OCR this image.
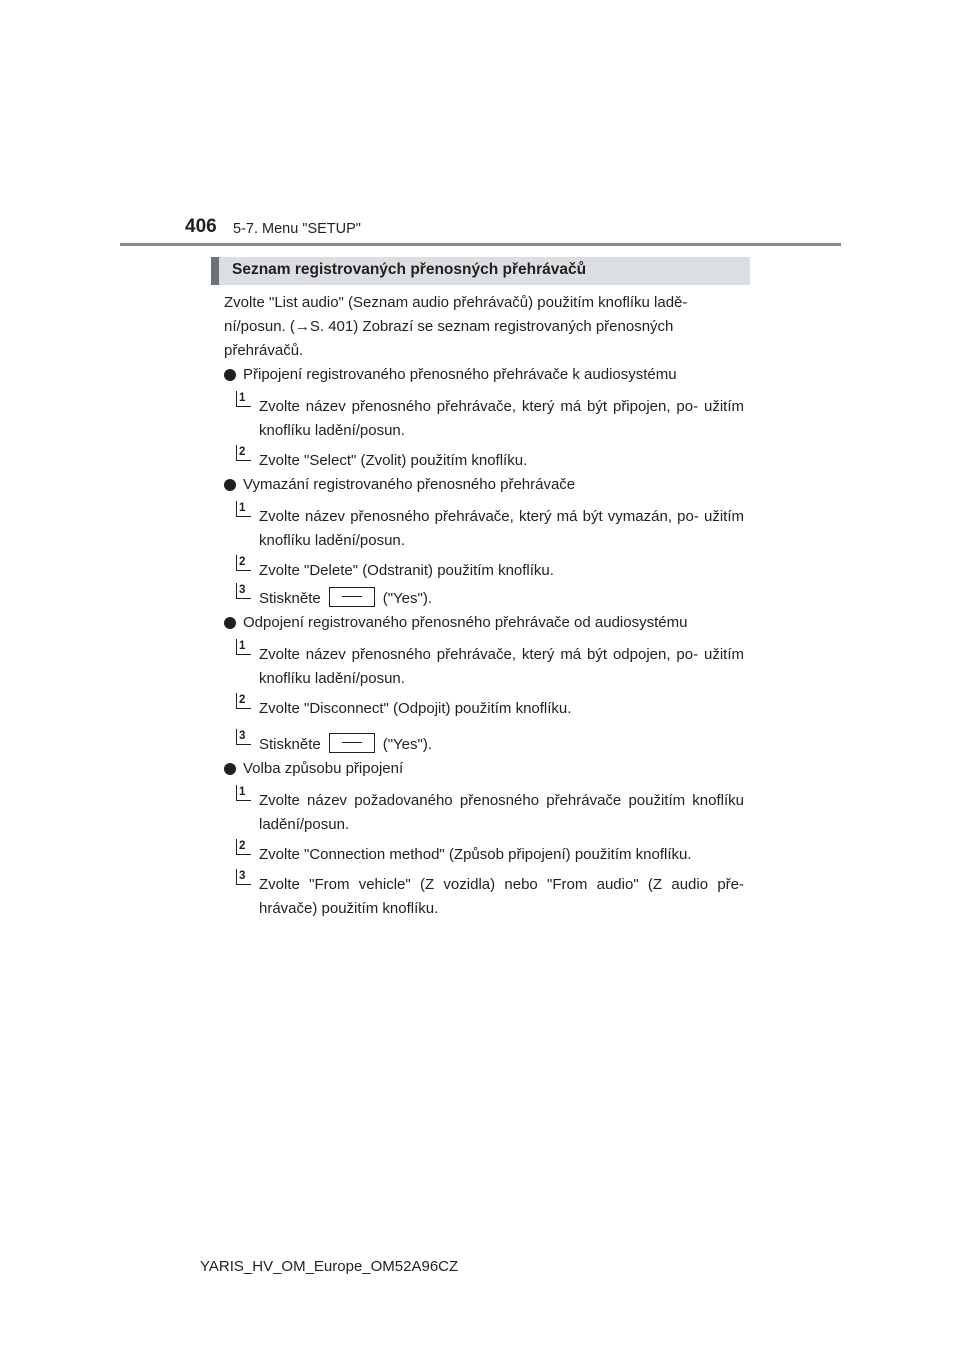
406 5-7. Menu "SETUP"
Seznam registrovaných přenosných přehrávačů

Zvolte "List audio" (Seznam audio přehrávačů) použitím knoflíku ladě-
ní/posun. (→S. 401) Zobrazí se seznam registrovaných přenosných
přehrávačů.

Připojení registrovaného přenosného přehrávače k audiosystému
1 Zvolte název přenosného přehrávače, který má být připojen, po- užitím knoflíku ladění/posun.
2 Zvolte "Select" (Zvolit) použitím knoflíku.
Vymazání registrovaného přenosného přehrávače
1 Zvolte název přenosného přehrávače, který má být vymazán, po- užitím knoflíku ladění/posun.
2 Zvolte "Delete" (Odstranit) použitím knoflíku.
3 Stiskněte	("Yes").
Odpojení registrovaného přenosného přehrávače od audiosystému
1 Zvolte název přenosného přehrávače, který má být odpojen, po- užitím knoflíku ladění/posun.
2 Zvolte "Disconnect" (Odpojit) použitím knoflíku.
3 Stiskněte	("Yes").
Volba způsobu připojení
1 Zvolte název požadovaného přenosného přehrávače použitím knoflíku ladění/posun.
2 Zvolte "Connection method" (Způsob připojení) použitím knoflíku.
3 Zvolte "From vehicle" (Z vozidla) nebo "From audio" (Z audio pře- hrávače) použitím knoflíku.
YARIS_HV_OM_Europe_OM52A96CZ
